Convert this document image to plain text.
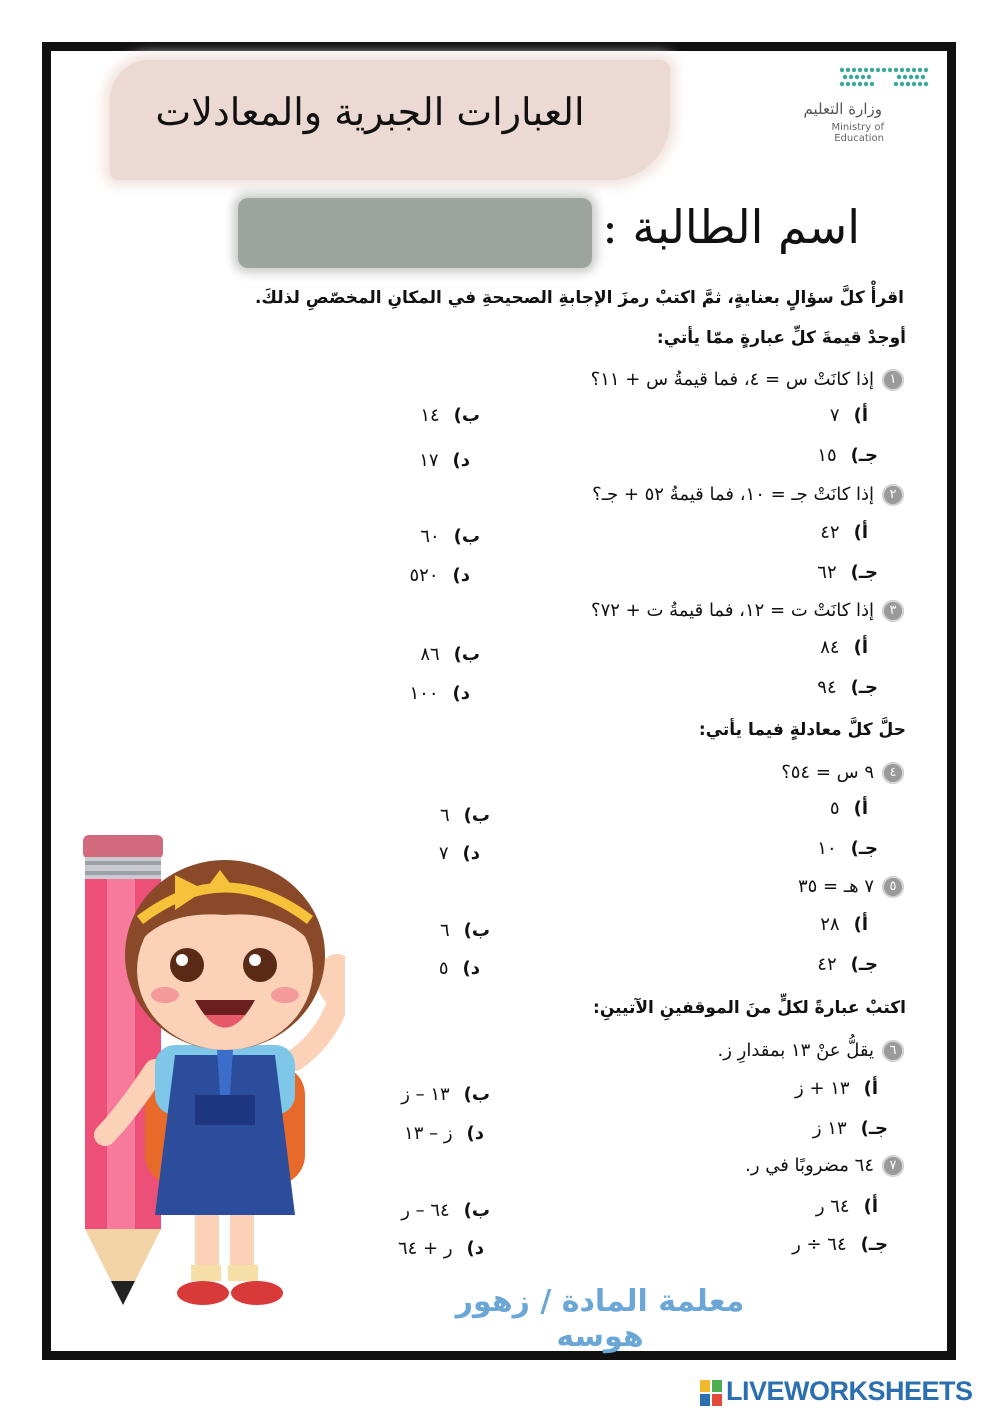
العبارات الجبرية والمعادلات	وزارة التعليم
Ministry of Education
اسم الطالبة :
اقرأْ كلَّ سؤالٍ بعنايةٍ، ثمَّ اكتبْ رمزَ الإجابةِ الصحيحةِ في المكانِ المخصّصِ لذلكَ.
أوجدْ قيمةَ كلِّ عبارةٍ ممّا يأتي:
١إذا كانَتْ س = ٤، فما قيمةُ س + ١١؟
أ)٧
ب)١٤
جـ)١٥
د)١٧
٢إذا كانَتْ جـ = ١٠، فما قيمةُ ٥٢ + جـ؟
أ)٤٢
ب)٦٠
جـ)٦٢
د)٥٢٠
٣إذا كانَتْ ت = ١٢، فما قيمةُ ت + ٧٢؟
أ)٨٤
ب)٨٦
جـ)٩٤
د)١٠٠
حلَّ كلَّ معادلةٍ فيما يأتي:
٤٩ س = ٥٤؟
أ)٥
ب)٦
جـ)١٠
د)٧
٥٧ هـ = ٣٥
أ)٢٨
ب)٦
جـ)٤٢
د)٥
اكتبْ عبارةً لكلٍّ منَ الموقفينِ الآتيينِ:
٦يقلُّ عنْ ١٣ بمقدارِ ز.
أ)١٣ + ز
ب)١٣ – ز
جـ)١٣ ز
د)ز – ١٣
٧٦٤ مضروبًا في ر.
أ)٦٤ ر
ب)٦٤ – ر
جـ)٦٤ ÷ ر
د)ر + ٦٤
معلمة المادة / زهور هوسه
LIVEWORKSHEETS
